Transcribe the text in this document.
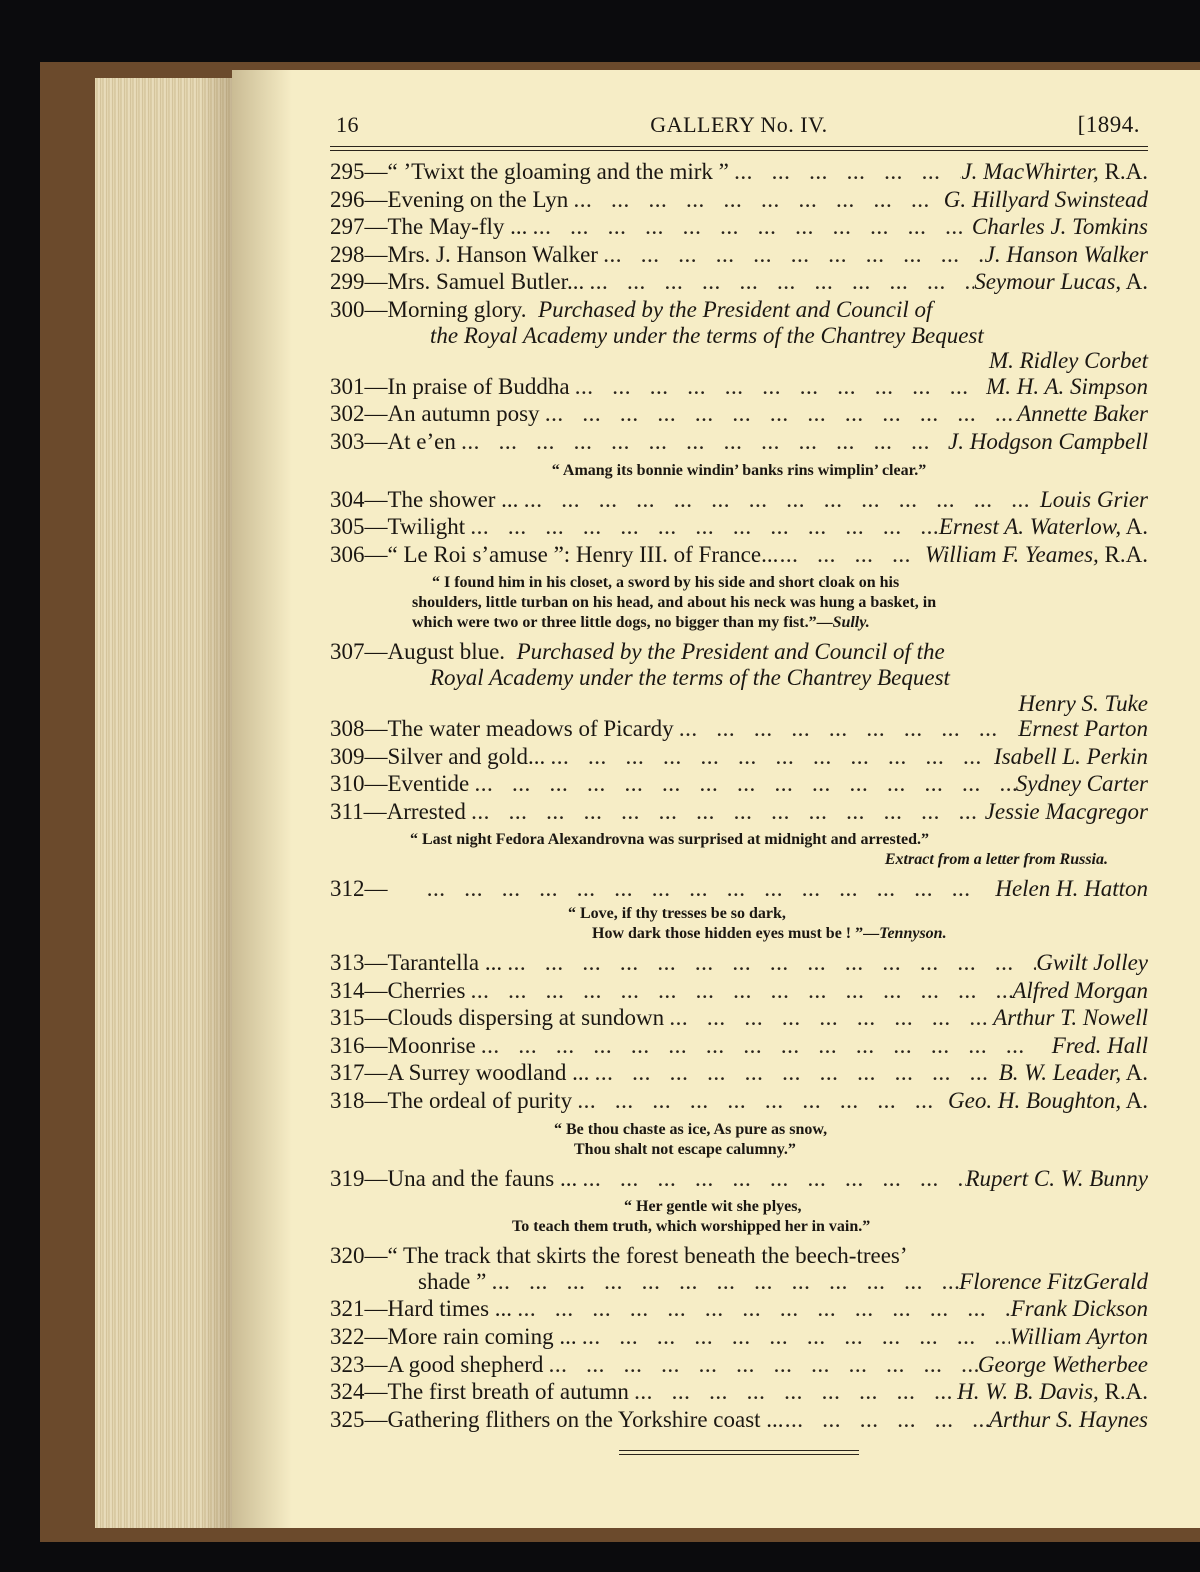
16	GALLERY No. IV.	[1894.
295—“ ’Twixt the gloaming and the mirk ” ...	J. MacWhirter, R.A.
296—Evening on the Lyn ...	G. Hillyard Swinstead
297—The May-fly ... ...	Charles J. Tomkins
298—Mrs. J. Hanson Walker ...	J. Hanson Walker
299—Mrs. Samuel Butler... ...	Seymour Lucas, A.
300—Morning glory. Purchased by the President and Council of
the Royal Academy under the terms of the Chantrey Bequest
M. Ridley Corbet
301—In praise of Buddha ...	M. H. A. Simpson
302—An autumn posy ...	Annette Baker
303—At e’en ...	J. Hodgson Campbell
“ Amang its bonnie windin’ banks rins wimplin’ clear.”
304—The shower ... ...	Louis Grier
305—Twilight ...	Ernest A. Waterlow, A.
306—“ Le Roi s’amuse ”: Henry III. of France... ...	William F. Yeames, R.A.
“ I found him in his closet, a sword by his side and short cloak on his
shoulders, little turban on his head, and about his neck was hung a basket, in
which were two or three little dogs, no bigger than my fist.”—Sully.
307—August blue. Purchased by the President and Council of the
Royal Academy under the terms of the Chantrey Bequest
Henry S. Tuke
308—The water meadows of Picardy ...	Ernest Parton
309—Silver and gold... ...	Isabell L. Perkin
310—Eventide ...	Sydney Carter
311—Arrested ...	Jessie Macgregor
“ Last night Fedora Alexandrovna was surprised at midnight and arrested.”
Extract from a letter from Russia.
312— ...	Helen H. Hatton
“ Love, if thy tresses be so dark,
How dark those hidden eyes must be ! ”—Tennyson.
313—Tarantella ... ...	Gwilt Jolley
314—Cherries ...	Alfred Morgan
315—Clouds dispersing at sundown ...	Arthur T. Nowell
316—Moonrise ...	Fred. Hall
317—A Surrey woodland ... ...	B. W. Leader, A.
318—The ordeal of purity ...	Geo. H. Boughton, A.
“ Be thou chaste as ice, As pure as snow,
Thou shalt not escape calumny.”
319—Una and the fauns ... ...	Rupert C. W. Bunny
“ Her gentle wit she plyes,
To teach them truth, which worshipped her in vain.”
320—“ The track that skirts the forest beneath the beech-trees’
shade ” ...	Florence FitzGerald
321—Hard times ... ...	Frank Dickson
322—More rain coming ... ...	William Ayrton
323—A good shepherd ...	George Wetherbee
324—The first breath of autumn ...	H. W. B. Davis, R.A.
325—Gathering flithers on the Yorkshire coast ... ...	Arthur S. Haynes
